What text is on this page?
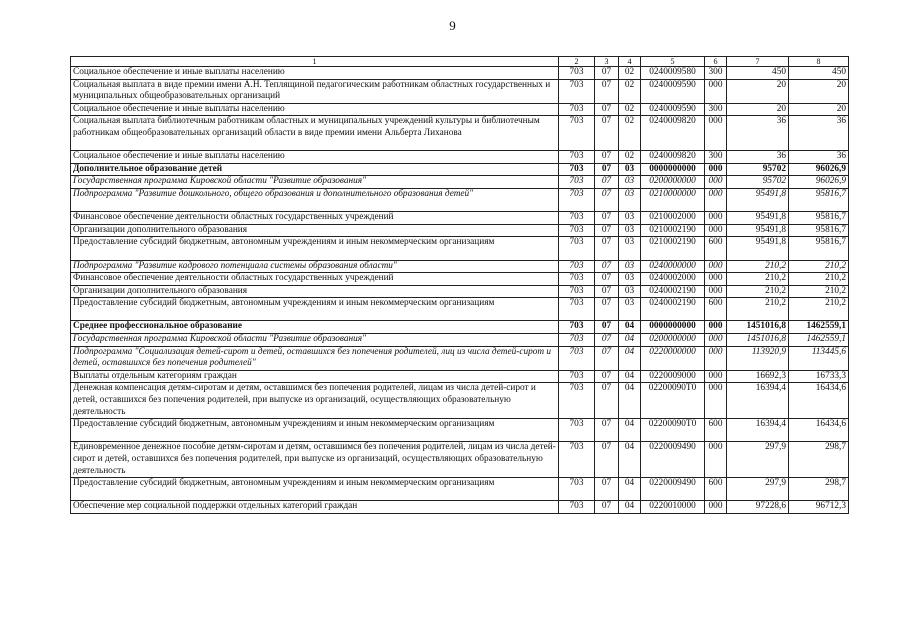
9
1	2	3	4	5	6	7	8
Социальное обеспечение и иные выплаты населению	703	07	02	0240009580	300	450	450
Социальная выплата в виде премии имени А.Н. Теплящиной педагогическим работникам областных государственных и муниципальных общеобразовательных организаций	703	07	02	0240009590	000	20	20
Социальное обеспечение и иные выплаты населению	703	07	02	0240009590	300	20	20
Социальная выплата библиотечным работникам областных и муниципальных учреждений культуры и библиотечным работникам общеобразовательных организаций области в виде премии имени Альберта Лиханова	703	07	02	0240009820	000	36	36
Социальное обеспечение и иные выплаты населению	703	07	02	0240009820	300	36	36
Дополнительное образование детей	703	07	03	0000000000	000	95702	96026,9
Государственная программа Кировской области "Развитие образования"	703	07	03	0200000000	000	95702	96026,9
Подпрограмма "Развитие дошкольного, общего образования и дополнительного образования детей"	703	07	03	0210000000	000	95491,8	95816,7
Финансовое обеспечение деятельности областных государственных учреждений	703	07	03	0210002000	000	95491,8	95816,7
Организации дополнительного образования	703	07	03	0210002190	000	95491,8	95816,7
Предоставление субсидий бюджетным, автономным учреждениям и иным некоммерческим организациям	703	07	03	0210002190	600	95491,8	95816,7
Подпрограмма "Развитие кадрового потенциала системы образования области"	703	07	03	0240000000	000	210,2	210,2
Финансовое обеспечение деятельности областных государственных учреждений	703	07	03	0240002000	000	210,2	210,2
Организации дополнительного образования	703	07	03	0240002190	000	210,2	210,2
Предоставление субсидий бюджетным, автономным учреждениям и иным некоммерческим организациям	703	07	03	0240002190	600	210,2	210,2
Среднее профессиональное образование	703	07	04	0000000000	000	1451016,8	1462559,1
Государственная программа Кировской области "Развитие образования"	703	07	04	0200000000	000	1451016,8	1462559,1
Подпрограмма "Социализация детей-сирот и детей, оставшихся без попечения родителей, лиц из числа детей-сирот и детей, оставшихся без попечения родителей"	703	07	04	0220000000	000	113920,9	113445,6
Выплаты отдельным категориям граждан	703	07	04	0220009000	000	16692,3	16733,3
Денежная компенсация детям-сиротам и детям, оставшимся без попечения родителей, лицам из числа детей-сирот и детей, оставшихся без попечения родителей, при выпуске из организаций, осуществляющих образовательную деятельность	703	07	04	02200090Т0	000	16394,4	16434,6
Предоставление субсидий бюджетным, автономным учреждениям и иным некоммерческим организациям	703	07	04	02200090Т0	600	16394,4	16434,6
Единовременное денежное пособие детям-сиротам и детям, оставшимся без попечения родителей, лицам из числа детей-сирот и детей, оставшихся без попечения родителей, при выпуске из организаций, осуществляющих образовательную деятельность	703	07	04	0220009490	000	297,9	298,7
Предоставление субсидий бюджетным, автономным учреждениям и иным некоммерческим организациям	703	07	04	0220009490	600	297,9	298,7
Обеспечение мер социальной поддержки отдельных категорий граждан	703	07	04	0220010000	000	97228,6	96712,3
